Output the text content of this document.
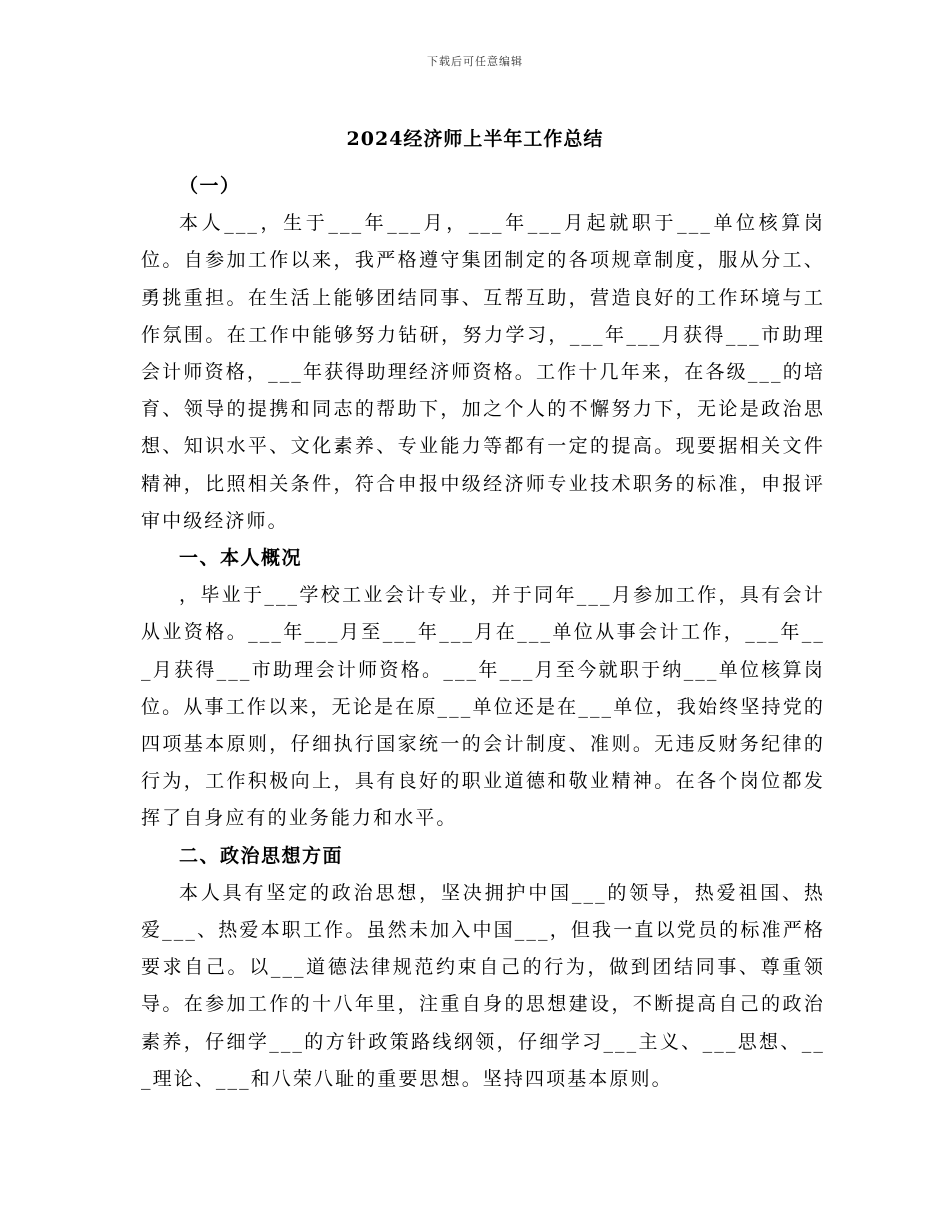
下载后可任意编辑
2024经济师上半年工作总结

（一）

本人___，生于___年___月，___年___月起就职于___单位核算岗位。自参加工作以来，我严格遵守集团制定的各项规章制度，服从分工、勇挑重担。在生活上能够团结同事、互帮互助，营造良好的工作环境与工作氛围。在工作中能够努力钻研，努力学习，___年___月获得___市助理会计师资格，___年获得助理经济师资格。工作十几年来，在各级___的培育、领导的提携和同志的帮助下，加之个人的不懈努力下，无论是政治思想、知识水平、文化素养、专业能力等都有一定的提高。现要据相关文件精神，比照相关条件，符合申报中级经济师专业技术职务的标准，申报评审中级经济师。

一、本人概况

，毕业于___学校工业会计专业，并于同年___月参加工作，具有会计从业资格。___年___月至___年___月在___单位从事会计工作，___年___月获得___市助理会计师资格。___年___月至今就职于纳___单位核算岗位。从事工作以来，无论是在原___单位还是在___单位，我始终坚持党的四项基本原则，仔细执行国家统一的会计制度、准则。无违反财务纪律的行为，工作积极向上，具有良好的职业道德和敬业精神。在各个岗位都发挥了自身应有的业务能力和水平。

二、政治思想方面

本人具有坚定的政治思想，坚决拥护中国___的领导，热爱祖国、热爱___、热爱本职工作。虽然未加入中国___，但我一直以党员的标准严格要求自己。以___道德法律规范约束自己的行为，做到团结同事、尊重领导。在参加工作的十八年里，注重自身的思想建设，不断提高自己的政治素养，仔细学___的方针政策路线纲领，仔细学习___主义、___思想、___理论、___和八荣八耻的重要思想。坚持四项基本原则。
